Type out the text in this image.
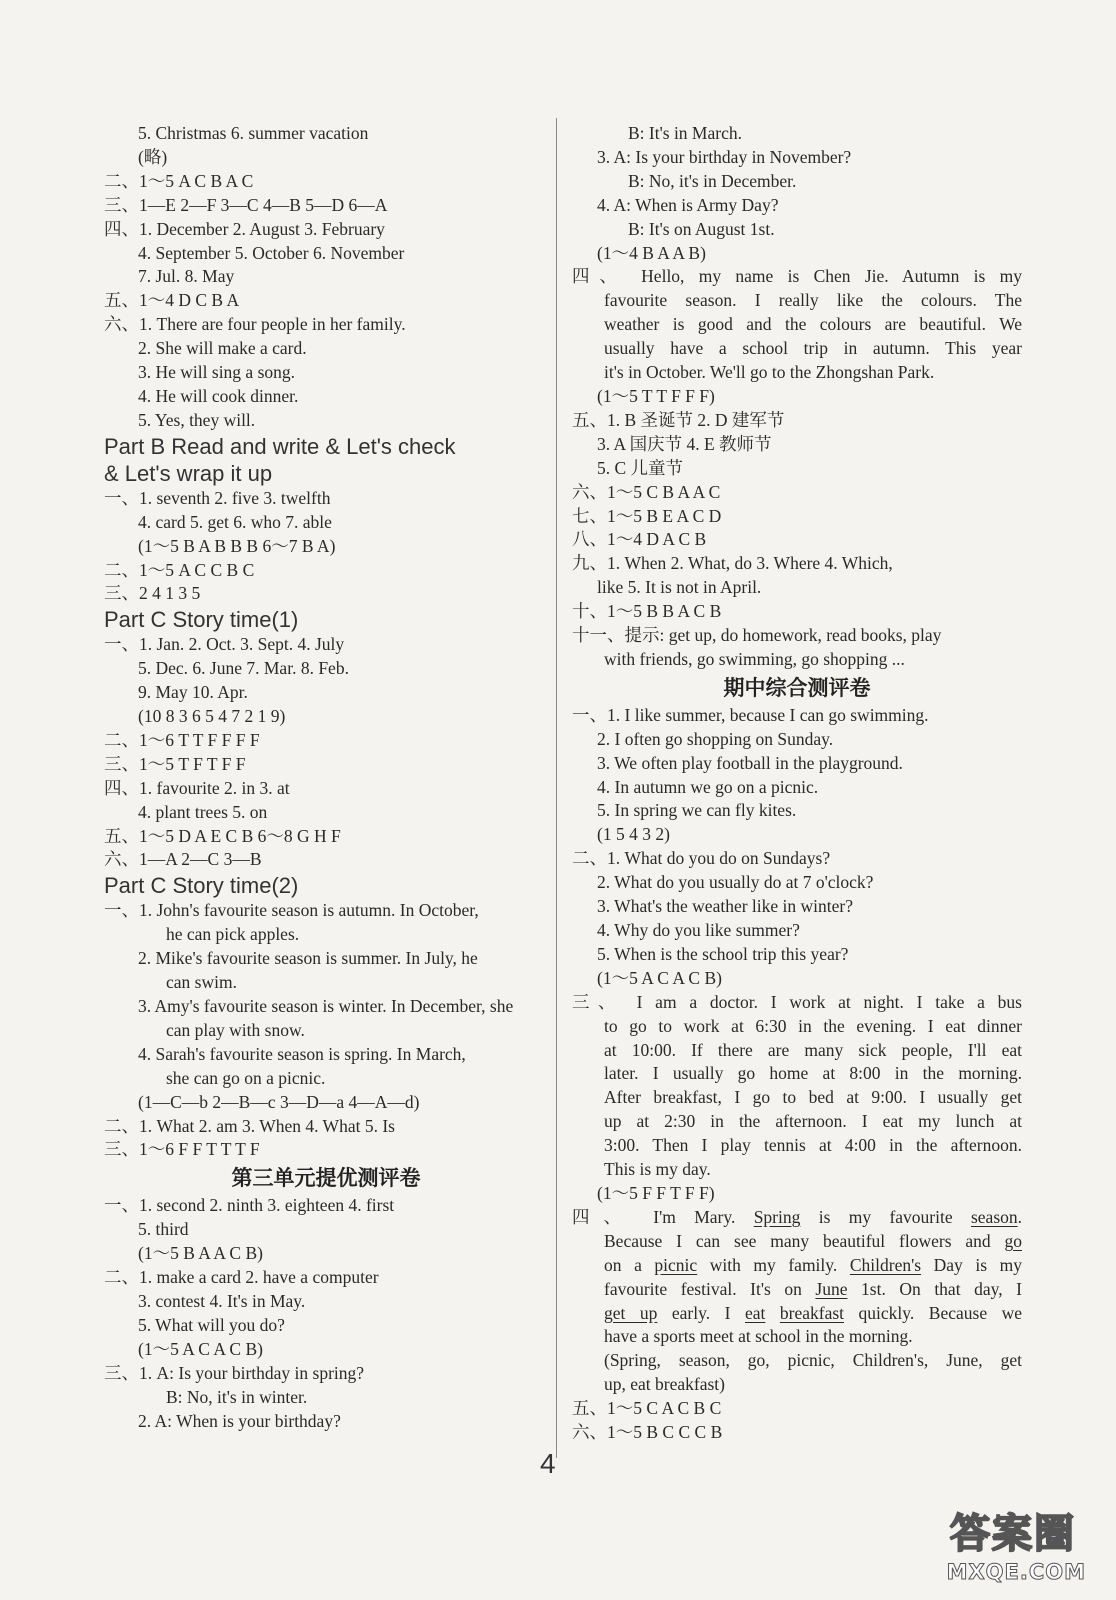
5. Christmas 6. summer vacation
(略)
二、1～5 A C B A C
三、1—E 2—F 3—C 4—B 5—D 6—A
四、1. December 2. August 3. February
4. September 5. October 6. November
7. Jul. 8. May
五、1～4 D C B A
六、1. There are four people in her family.
2. She will make a card.
3. He will sing a song.
4. He will cook dinner.
5. Yes, they will.
Part B Read and write & Let's check
& Let's wrap it up
一、1. seventh 2. five 3. twelfth
4. card 5. get 6. who 7. able
(1～5 B A B B B 6～7 B A)
二、1～5 A C C B C
三、2 4 1 3 5
Part C Story time(1)
一、1. Jan. 2. Oct. 3. Sept. 4. July
5. Dec. 6. June 7. Mar. 8. Feb.
9. May 10. Apr.
(10 8 3 6 5 4 7 2 1 9)
二、1～6 T T F F F F
三、1～5 T F T F F
四、1. favourite 2. in 3. at
4. plant trees 5. on
五、1～5 D A E C B 6～8 G H F
六、1—A 2—C 3—B
Part C Story time(2)
一、1. John's favourite season is autumn. In October,
he can pick apples.
2. Mike's favourite season is summer. In July, he
can swim.
3. Amy's favourite season is winter. In December, she
can play with snow.
4. Sarah's favourite season is spring. In March,
she can go on a picnic.
(1—C—b 2—B—c 3—D—a 4—A—d)
二、1. What 2. am 3. When 4. What 5. Is
三、1～6 F F T T T F
第三单元提优测评卷
一、1. second 2. ninth 3. eighteen 4. first
5. third
(1～5 B A A C B)
二、1. make a card 2. have a computer
3. contest 4. It's in May.
5. What will you do?
(1～5 A C A C B)
三、1. A: Is your birthday in spring?
B: No, it's in winter.
2. A: When is your birthday?
B: It's in March.
3. A: Is your birthday in November?
B: No, it's in December.
4. A: When is Army Day?
B: It's on August 1st.
(1～4 B A A B)
四、 Hello, my name is Chen Jie. Autumn is my
favourite season. I really like the colours. The
weather is good and the colours are beautiful. We
usually have a school trip in autumn. This year
it's in October. We'll go to the Zhongshan Park.
(1～5 T T F F F)
五、1. B 圣诞节 2. D 建军节
3. A 国庆节 4. E 教师节
5. C 儿童节
六、1～5 C B A A C
七、1～5 B E A C D
八、1～4 D A C B
九、1. When 2. What, do 3. Where 4. Which,
like 5. It is not in April.
十、1～5 B B A C B
十一、提示: get up, do homework, read books, play
with friends, go swimming, go shopping ...
期中综合测评卷
一、1. I like summer, because I can go swimming.
2. I often go shopping on Sunday.
3. We often play football in the playground.
4. In autumn we go on a picnic.
5. In spring we can fly kites.
(1 5 4 3 2)
二、1. What do you do on Sundays?
2. What do you usually do at 7 o'clock?
3. What's the weather like in winter?
4. Why do you like summer?
5. When is the school trip this year?
(1～5 A C A C B)
三、 I am a doctor. I work at night. I take a bus
to go to work at 6:30 in the evening. I eat dinner
at 10:00. If there are many sick people, I'll eat
later. I usually go home at 8:00 in the morning.
After breakfast, I go to bed at 9:00. I usually get
up at 2:30 in the afternoon. I eat my lunch at
3:00. Then I play tennis at 4:00 in the afternoon.
This is my day.
(1～5 F F T F F)
四、 I'm Mary. Spring is my favourite season.
Because I can see many beautiful flowers and go
on a picnic with my family. Children's Day is my
favourite festival. It's on June 1st. On that day, I
get up early. I eat breakfast quickly. Because we
have a sports meet at school in the morning.
(Spring, season, go, picnic, Children's, June, get
up, eat breakfast)
五、1～5 C A C B C
六、1～5 B C C C B
4
答案圈
MXQE.COM
